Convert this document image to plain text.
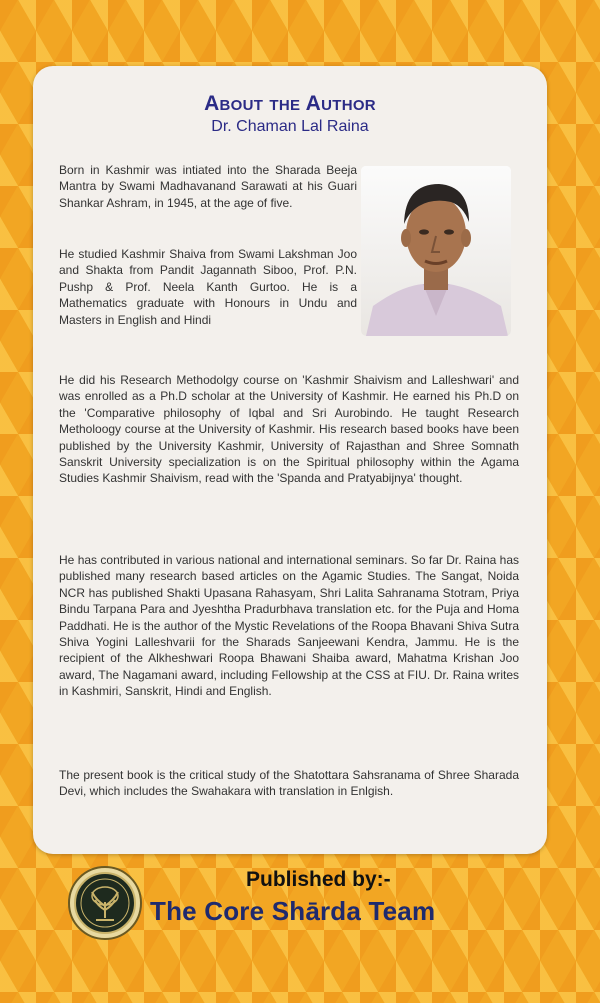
About the Author
Dr. Chaman Lal Raina

Born in Kashmir was intiated into the Sharada Beeja Mantra by Swami Madhavanand Sarawati at his Guari Shankar Ashram, in 1945, at the age of five.

He studied Kashmir Shaiva from Swami Lakshman Joo and Shakta from Pandit Jagannath Siboo, Prof. P.N. Pushp & Prof. Neela Kanth Gurtoo. He is a Mathematics graduate with Honours in Undu and Masters in English and Hindi

He did his Research Methodolgy course on 'Kashmir Shaivism and Lalleshwari' and was enrolled as a Ph.D scholar at the University of Kashmir. He earned his Ph.D on the 'Comparative philosophy of Iqbal and Sri Aurobindo. He taught Research Metholoogy course at the University of Kashmir. His research based books have been published by the University Kashmir, University of Rajasthan and Shree Somnath Sanskrit University specialization is on the Spiritual philosophy within the Agama Studies Kashmir Shaivism, read with the 'Spanda and Pratyabijnya' thought.

He has contributed in various national and international seminars. So far Dr. Raina has published many research based articles on the Agamic Studies. The Sangat, Noida NCR has published Shakti Upasana Rahasyam, Shri Lalita Sahranama Stotram, Priya Bindu Tarpana Para and Jyeshtha Pradurbhava translation etc. for the Puja and Homa Paddhati. He is the author of the Mystic Revelations of the Roopa Bhavani Shiva Sutra Shiva Yogini Lalleshvarii for the Sharads Sanjeewani Kendra, Jammu. He is the recipient of the Alkheshwari Roopa Bhawani Shaiba award, Mahatma Krishan Joo award, The Nagamani award, including Fellowship at the CSS at FIU. Dr. Raina writes in Kashmiri, Sanskrit, Hindi and English.

The present book is the critical study of the Shatottara Sahsranama of Shree Sharada Devi, which includes the Swahakara with translation in Enlgish.

Published by:-
The Core Shārda Team
